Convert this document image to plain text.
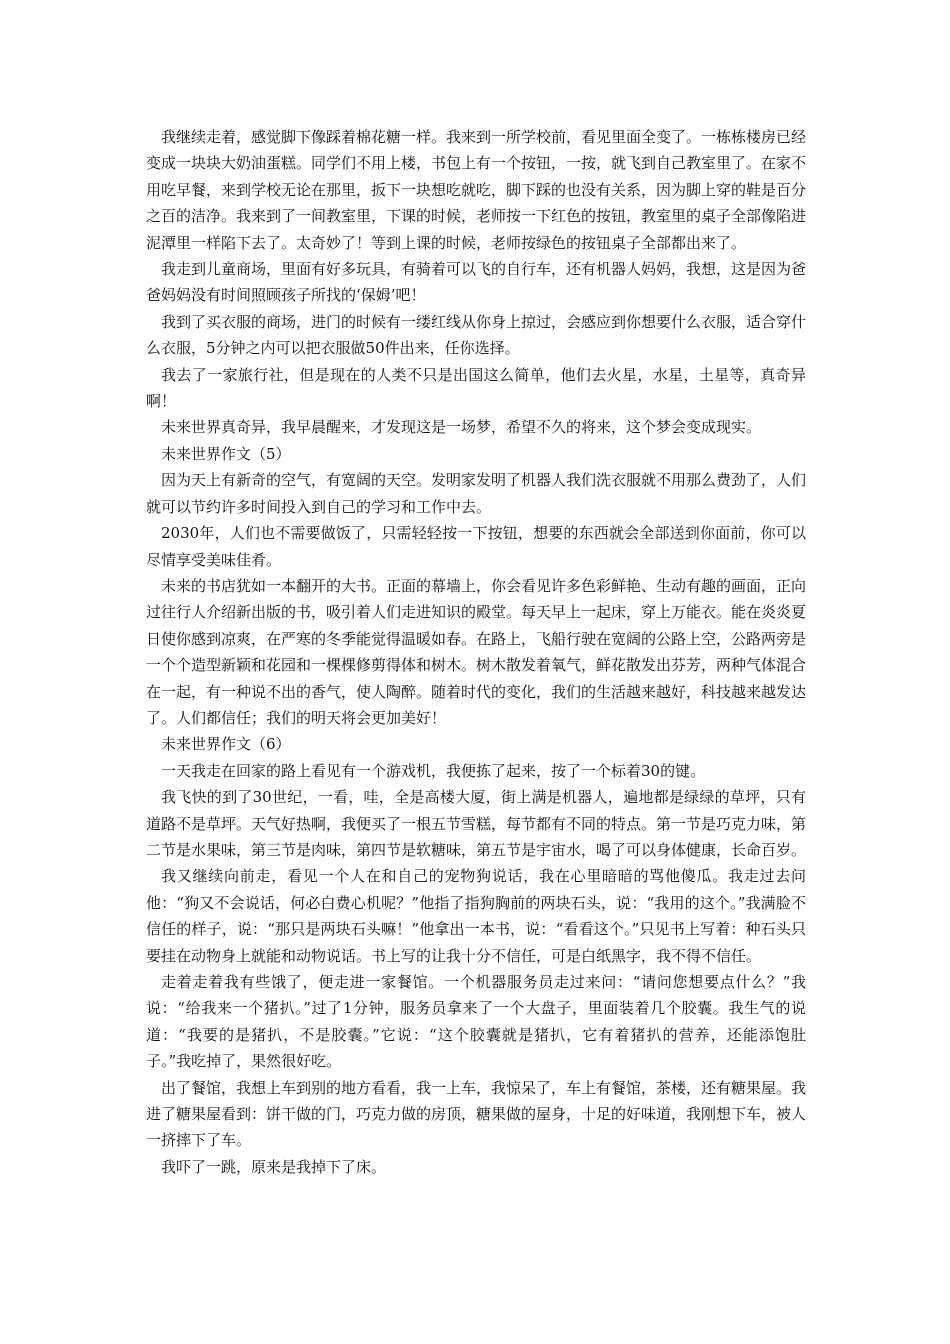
我继续走着，感觉脚下像踩着棉花糖一样。我来到一所学校前，看见里面全变了。一栋栋楼房已经变成一块块大奶油蛋糕。同学们不用上楼，书包上有一个按钮，一按，就飞到自己教室里了。在家不用吃早餐，来到学校无论在那里，扳下一块想吃就吃，脚下踩的也没有关系，因为脚上穿的鞋是百分之百的洁净。我来到了一间教室里，下课的时候，老师按一下红色的按钮，教室里的桌子全部像陷进泥潭里一样陷下去了。太奇妙了！等到上课的时候，老师按绿色的按钮桌子全部都出来了。

我走到儿童商场，里面有好多玩具，有骑着可以飞的自行车，还有机器人妈妈，我想，这是因为爸爸妈妈没有时间照顾孩子所找的‘保姆’吧！

我到了买衣服的商场，进门的时候有一缕红线从你身上掠过，会感应到你想要什么衣服，适合穿什么衣服，5分钟之内可以把衣服做50件出来，任你选择。

我去了一家旅行社，但是现在的人类不只是出国这么简单，他们去火星，水星，土星等，真奇异啊！

未来世界真奇异，我早晨醒来，才发现这是一场梦，希望不久的将来，这个梦会变成现实。

未来世界作文（5）

因为天上有新奇的空气，有宽阔的天空。发明家发明了机器人我们洗衣服就不用那么费劲了，人们就可以节约许多时间投入到自己的学习和工作中去。

2030年，人们也不需要做饭了，只需轻轻按一下按钮，想要的东西就会全部送到你面前，你可以尽情享受美味佳肴。

未来的书店犹如一本翻开的大书。正面的幕墙上，你会看见许多色彩鲜艳、生动有趣的画面，正向过往行人介绍新出版的书，吸引着人们走进知识的殿堂。每天早上一起床，穿上万能衣。能在炎炎夏日使你感到凉爽，在严寒的冬季能觉得温暖如春。在路上，飞船行驶在宽阔的公路上空，公路两旁是一个个造型新颖和花园和一棵棵修剪得体和树木。树木散发着氧气，鲜花散发出芬芳，两种气体混合在一起，有一种说不出的香气，使人陶醉。随着时代的变化，我们的生活越来越好，科技越来越发达了。人们都信任；我们的明天将会更加美好！

未来世界作文（6）

一天我走在回家的路上看见有一个游戏机，我便拣了起来，按了一个标着30的键。

我飞快的到了30世纪，一看，哇，全是高楼大厦，街上满是机器人，遍地都是绿绿的草坪，只有道路不是草坪。天气好热啊，我便买了一根五节雪糕，每节都有不同的特点。第一节是巧克力味，第二节是水果味，第三节是肉味，第四节是软糖味，第五节是宇宙水，喝了可以身体健康，长命百岁。

我又继续向前走，看见一个人在和自己的宠物狗说话，我在心里暗暗的骂他傻瓜。我走过去问他：“狗又不会说话，何必白费心机呢？”他指了指狗胸前的两块石头，说：“我用的这个。”我满脸不信任的样子，说：“那只是两块石头嘛！”他拿出一本书，说：“看看这个。”只见书上写着：种石头只要挂在动物身上就能和动物说话。书上写的让我十分不信任，可是白纸黑字，我不得不信任。

走着走着我有些饿了，便走进一家餐馆。一个机器服务员走过来问：“请问您想要点什么？”我说：“给我来一个猪扒。”过了1分钟，服务员拿来了一个大盘子，里面装着几个胶囊。我生气的说道：“我要的是猪扒，不是胶囊。”它说：“这个胶囊就是猪扒，它有着猪扒的营养，还能添饱肚子。”我吃掉了，果然很好吃。

出了餐馆，我想上车到别的地方看看，我一上车，我惊呆了，车上有餐馆，茶楼，还有糖果屋。我进了糖果屋看到：饼干做的门，巧克力做的房顶，糖果做的屋身，十足的好味道，我刚想下车，被人一挤摔下了车。

我吓了一跳，原来是我掉下了床。
